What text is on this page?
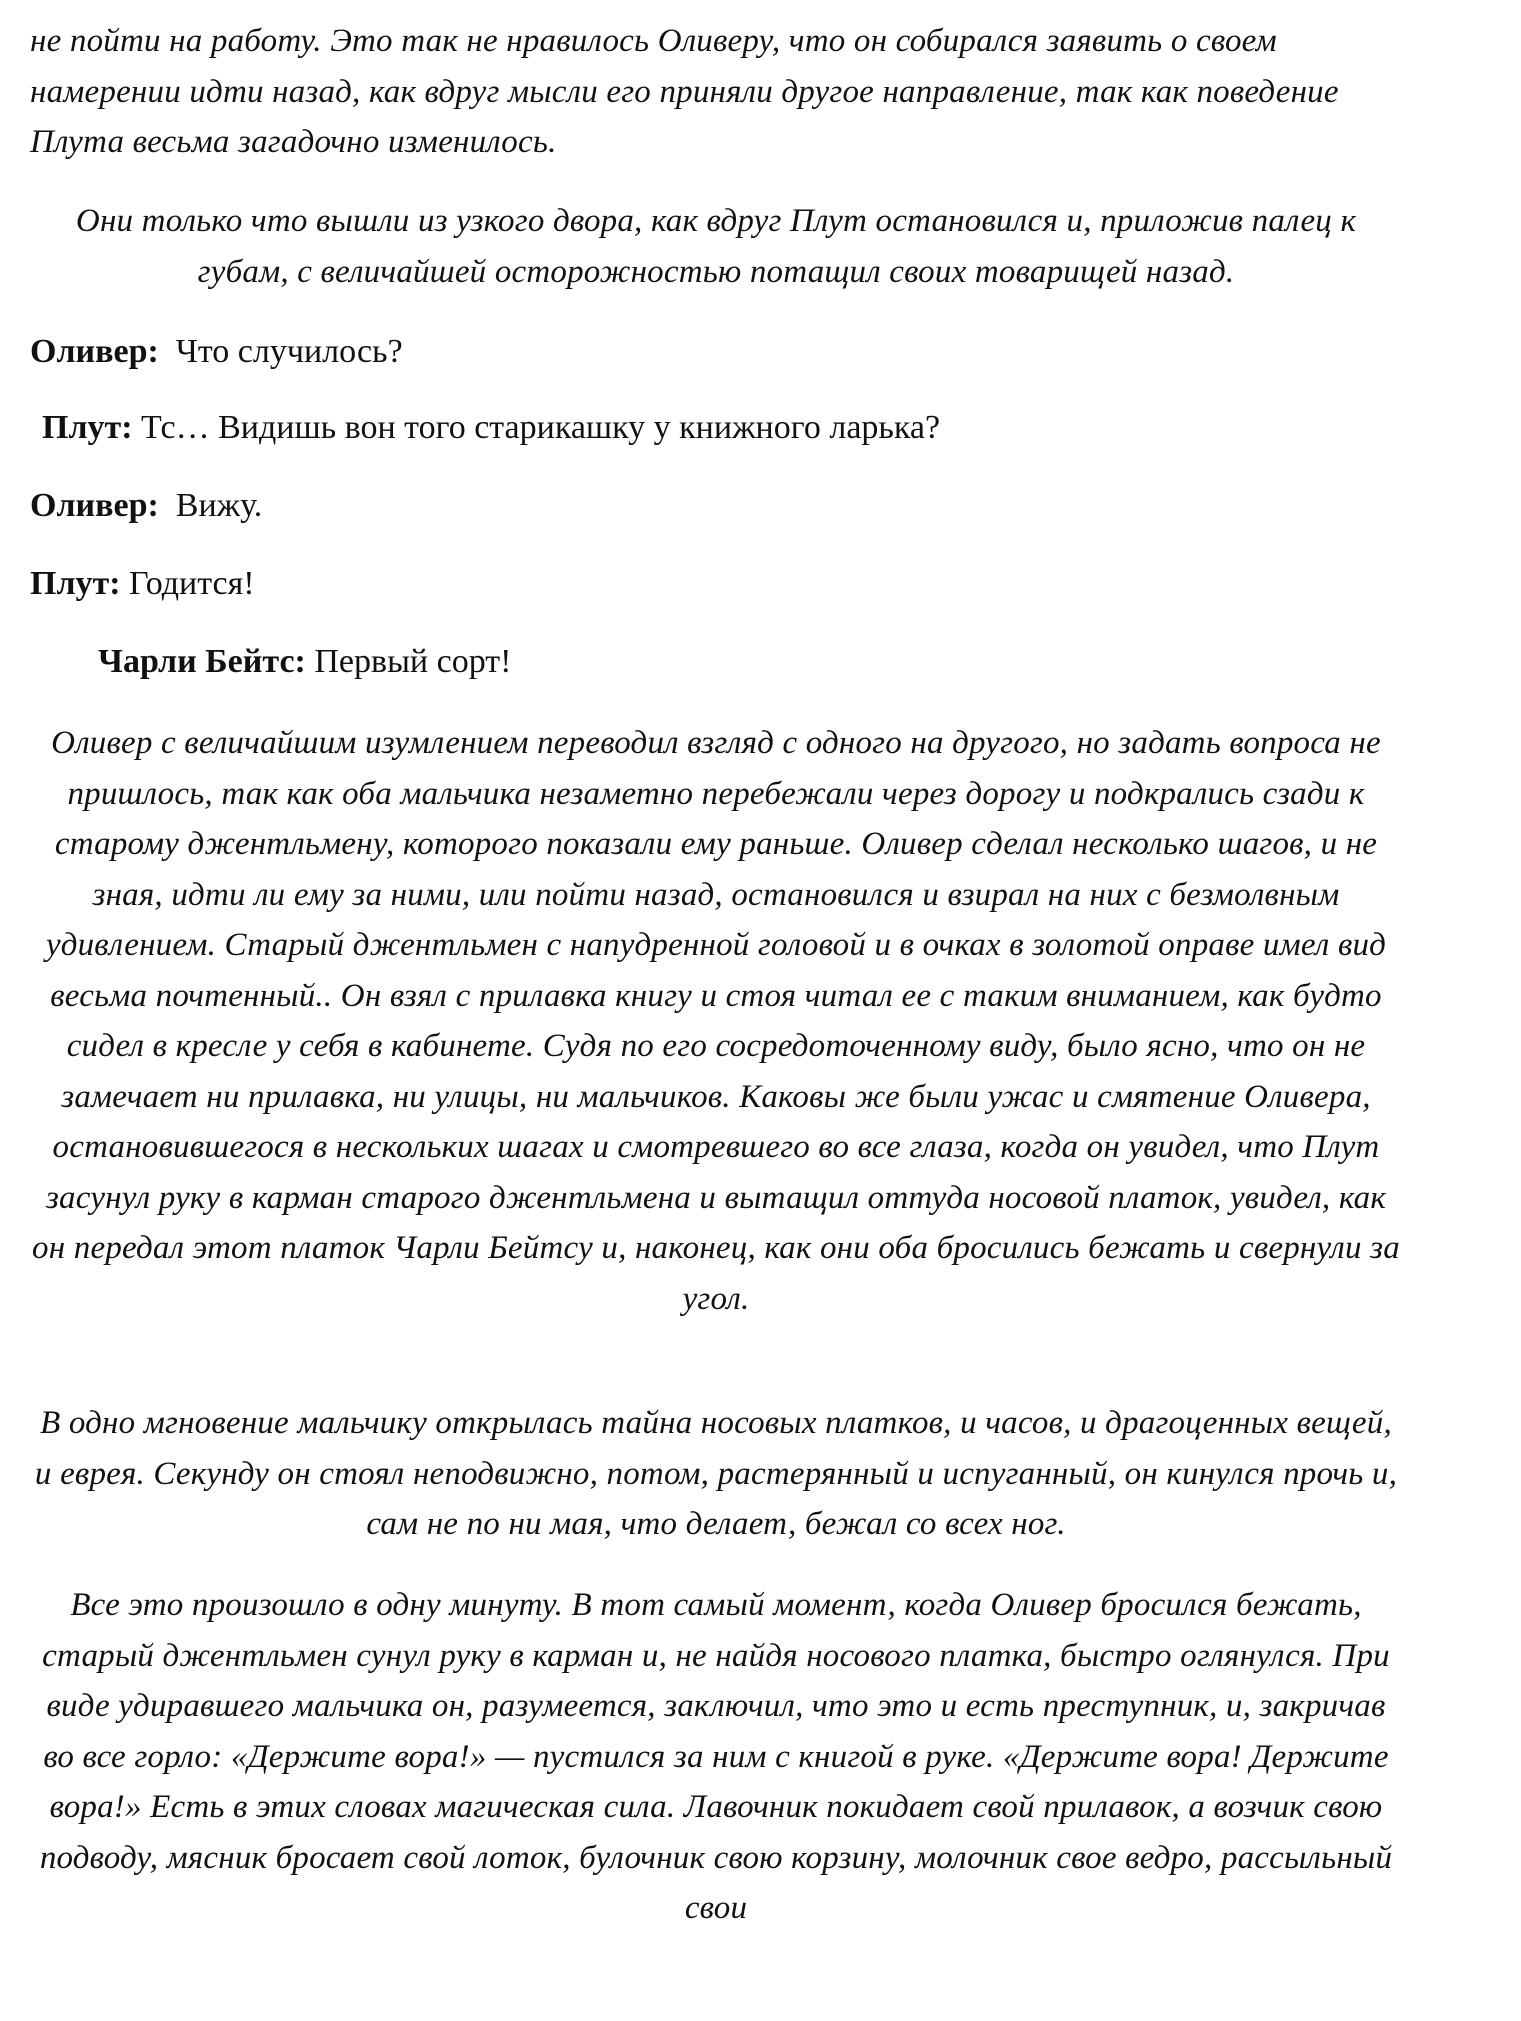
не пойти на работу. Это так не нравилось Оливеру, что он собирался заявить о своем намерении идти назад, как вдруг мысли его приняли другое направление, так как поведение Плута весьма загадочно изменилось.

Они только что вышли из узкого двора, как вдруг Плут остановился и, приложив палец к губам, с величайшей осторожностью потащил своих товарищей назад.

Оливер: Что случилось?
Плут: Тс… Видишь вон того старикашку у книжного ларька?
Оливер: Вижу.
Плут: Годится!
Чарли Бейтс: Первый сорт!

Оливер с величайшим изумлением переводил взгляд с одного на другого, но задать вопроса не пришлось, так как оба мальчика незаметно перебежали через дорогу и подкрались сзади к старому джентльмену, которого показали ему раньше. Оливер сделал несколько шагов, и не зная, идти ли ему за ними, или пойти назад, остановился и взирал на них с безмолвным удивлением. Старый джентльмен с напудренной головой и в очках в золотой оправе имел вид весьма почтенный.. Он взял с прилавка книгу и стоя читал ее с таким вниманием, как будто сидел в кресле у себя в кабинете. Судя по его сосредоточенному виду, было ясно, что он не замечает ни прилавка, ни улицы, ни мальчиков. Каковы же были ужас и смятение Оливера, остановившегося в нескольких шагах и смотревшего во все глаза, когда он увидел, что Плут засунул руку в карман старого джентльмена и вытащил оттуда носовой платок, увидел, как он передал этот платок Чарли Бейтсу и, наконец, как они оба бросились бежать и свернули за угол.

В одно мгновение мальчику открылась тайна носовых платков, и часов, и драгоценных вещей, и еврея. Секунду он стоял неподвижно, потом, растерянный и испуганный, он кинулся прочь и, сам не по ни мая, что делает, бежал со всех ног.

Все это произошло в одну минуту. В тот самый момент, когда Оливер бросился бежать, старый джентльмен сунул руку в карман и, не найдя носового платка, быстро оглянулся. При виде удиравшего мальчика он, разумеется, заключил, что это и есть преступник, и, закричав во все горло: «Держите вора!» — пустился за ним с книгой в руке. «Держите вора! Держите вора!» Есть в этих словах магическая сила. Лавочник покидает свой прилавок, а возчик свою подводу, мясник бросает свой лоток, булочник свою корзину, молочник свое ведро, рассыльный свои
